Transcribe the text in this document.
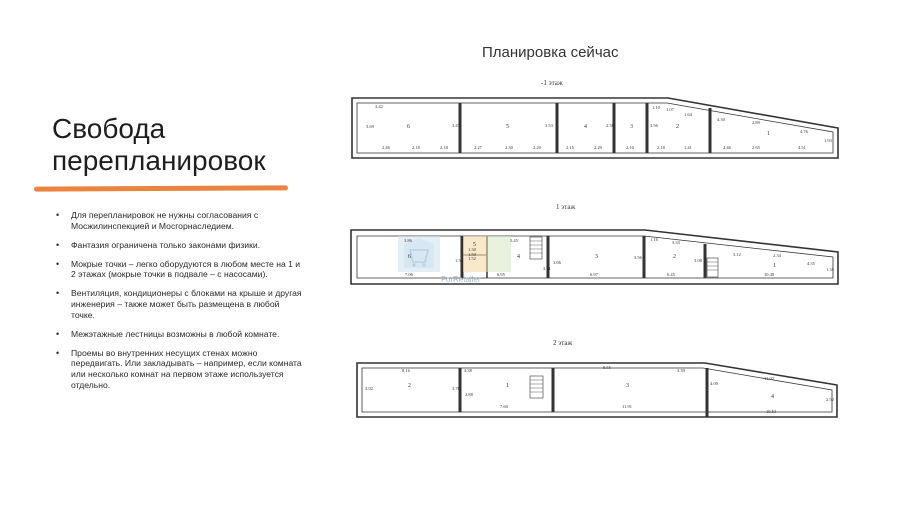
Свобода
перепланировок
• Для перепланировок не нужны согласования с Мосжилинспекцией и Мосгорнаследием.
• Фантазия ограничена только законами физики.
• Мокрые точки – легко оборудуются в любом месте на 1 и 2 этажах (мокрые точки в подвале – с насосами).
• Вентиляция, кондиционеры с блоками на крыше и другая инженерия – также может быть размещена в любой точке.
• Межэтажные лестницы возможны в любой комнате.
• Проемы во внутренних несущих стенах можно передвигать. Или закладывать – например, если комната или несколько комнат на первом этаже используется отдельно.
Планировка сейчас
-1 этаж
1 этаж
2 этаж
6	5	4	3	2
1
3.42
3.47
2.46	2.18	2.18	2.27	2.30	2.20
3.53
2.15	2.29
2.58
2.10
3.56
1.10 1.07
1.64
2.18	1.41
4.30
2.89
2.46	2.65	4.51
4.76
1.93
3.69
6
5
4	3	2
1
3.86	5.45
7.06	6.95	6.97
3.66
3.56
1.16
3.33
3.08
6.45
3.12	2.34
4.35
10.49
1.35
1.50
1.52
1.53
3.01
1.30
2	1	3
4
8.16
3.76
4.38
2.88
7.60
8.55
3.39
11.91
4.00
11.02
10.53
2.52
3.92
ForRetailer
